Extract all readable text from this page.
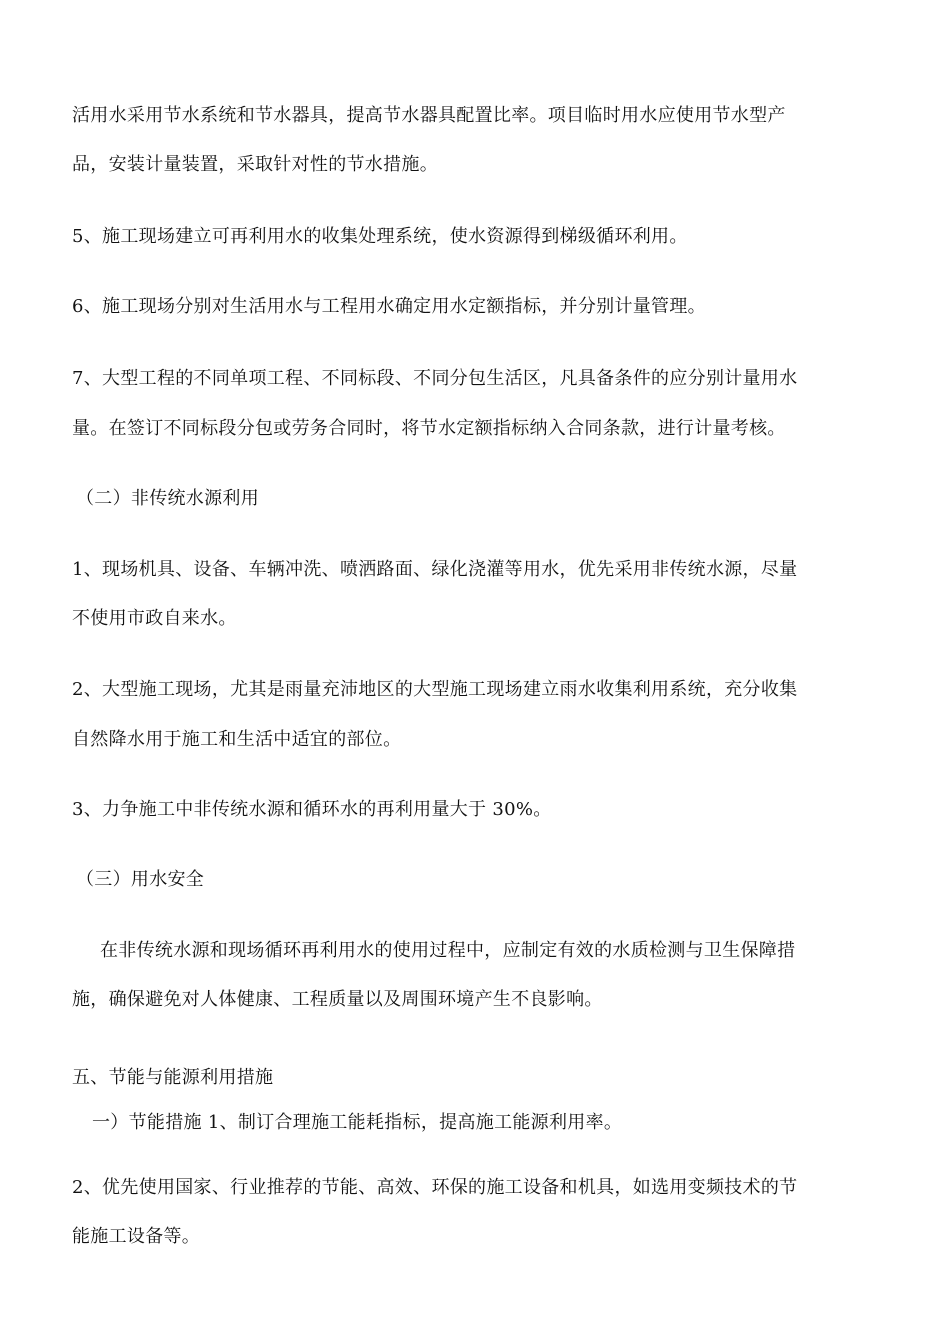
活用水采用节水系统和节水器具，提高节水器具配置比率。项目临时用水应使用节水型产
品，安装计量装置，采取针对性的节水措施。
5、施工现场建立可再利用水的收集处理系统，使水资源得到梯级循环利用。
6、施工现场分别对生活用水与工程用水确定用水定额指标，并分别计量管理。
7、大型工程的不同单项工程、不同标段、不同分包生活区，凡具备条件的应分别计量用水
量。在签订不同标段分包或劳务合同时，将节水定额指标纳入合同条款，进行计量考核。
（二）非传统水源利用
1、现场机具、设备、车辆冲洗、喷洒路面、绿化浇灌等用水，优先采用非传统水源，尽量
不使用市政自来水。
2、大型施工现场，尤其是雨量充沛地区的大型施工现场建立雨水收集利用系统，充分收集
自然降水用于施工和生活中适宜的部位。
3、力争施工中非传统水源和循环水的再利用量大于 30%。
（三）用水安全
在非传统水源和现场循环再利用水的使用过程中，应制定有效的水质检测与卫生保障措
施，确保避免对人体健康、工程质量以及周围环境产生不良影响。
五、节能与能源利用措施
一）节能措施 1、制订合理施工能耗指标，提高施工能源利用率。
2、优先使用国家、行业推荐的节能、高效、环保的施工设备和机具，如选用变频技术的节
能施工设备等。
